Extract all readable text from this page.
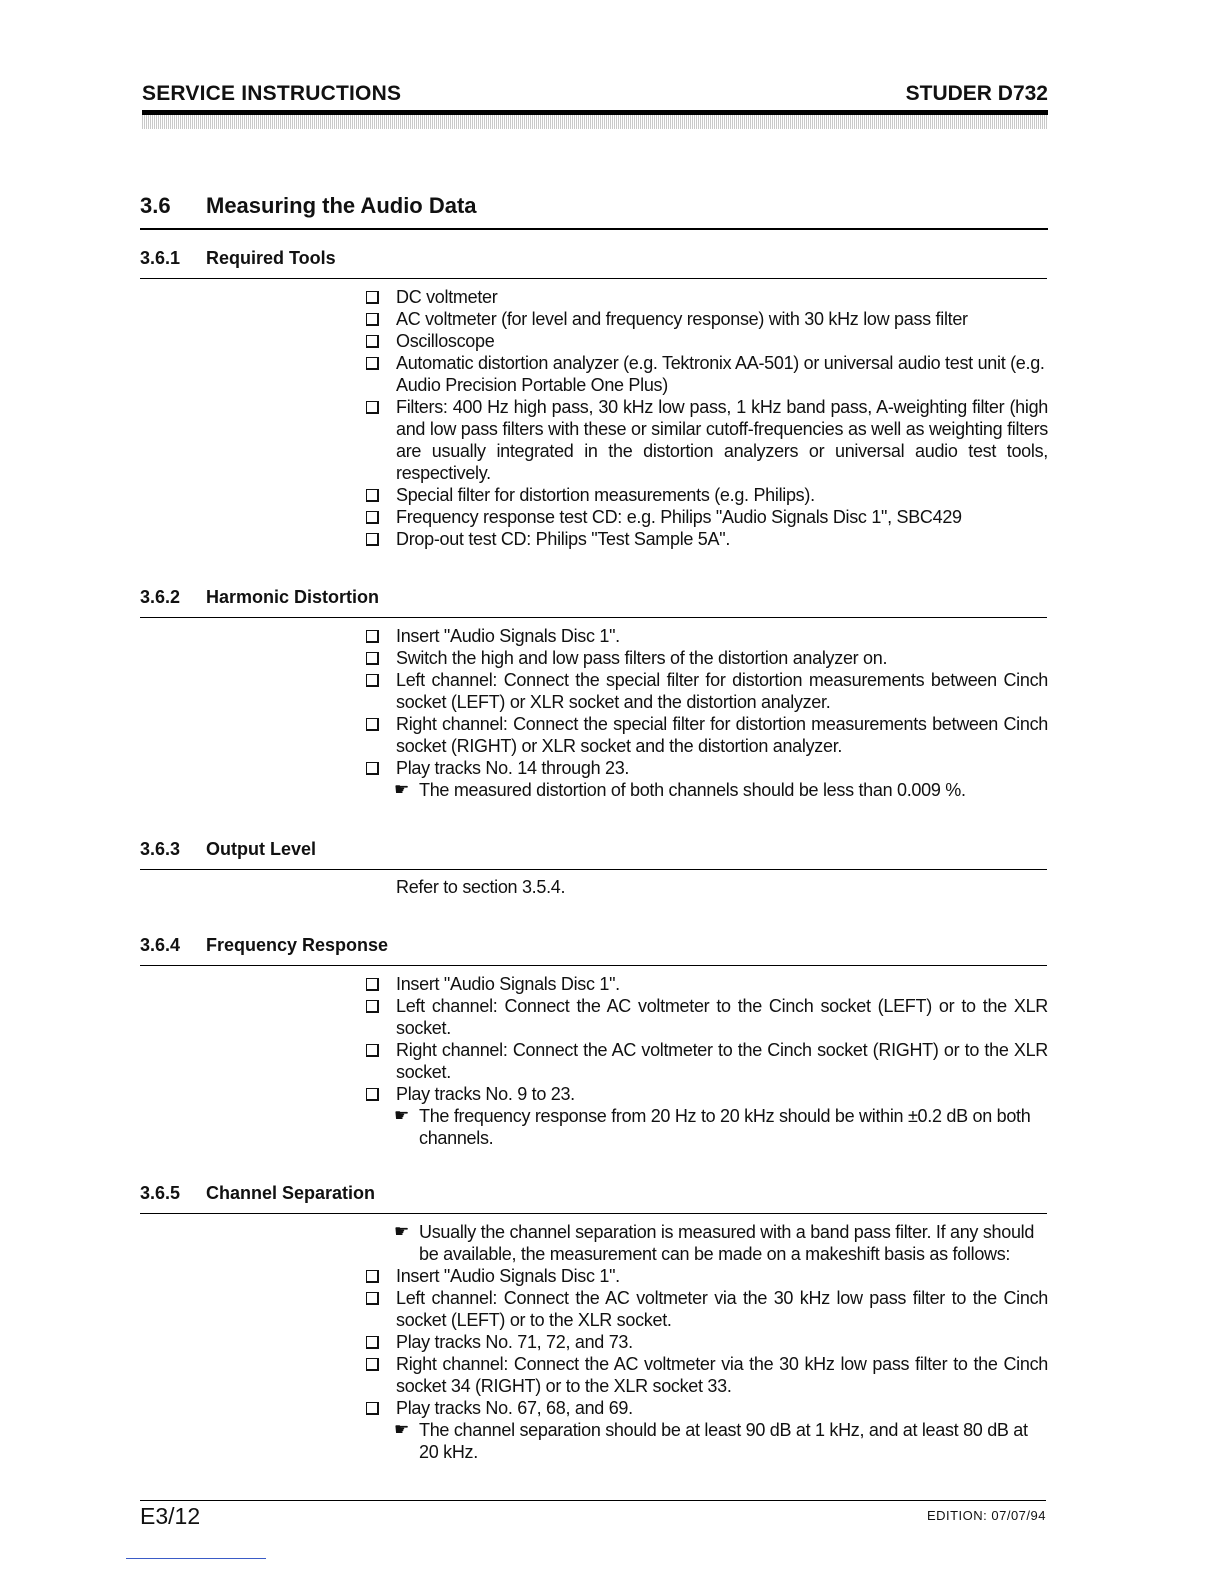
SERVICE INSTRUCTIONS	STUDER D732
3.6 Measuring the Audio Data
3.6.1 Required Tools
DC voltmeter
AC voltmeter (for level and frequency response) with 30 kHz low pass filter
Oscilloscope
Automatic distortion analyzer (e.g. Tektronix AA-501) or universal audio test unit (e.g. Audio Precision Portable One Plus)
Filters: 400 Hz high pass, 30 kHz low pass, 1 kHz band pass, A-weighting filter (high and low pass filters with these or similar cutoff-frequencies as well as weighting filters are usually integrated in the distortion analyzers or universal audio test tools, respectively.
Special filter for distortion measurements (e.g. Philips).
Frequency response test CD: e.g. Philips "Audio Signals Disc 1", SBC429
Drop-out test CD: Philips "Test Sample 5A".
3.6.2 Harmonic Distortion
Insert "Audio Signals Disc 1".
Switch the high and low pass filters of the distortion analyzer on.
Left channel: Connect the special filter for distortion measurements between Cinch socket (LEFT) or XLR socket and the distortion analyzer.
Right channel: Connect the special filter for distortion measurements between Cinch socket (RIGHT) or XLR socket and the distortion analyzer.
Play tracks No. 14 through 23.
☛ The measured distortion of both channels should be less than 0.009 %.
3.6.3 Output Level
Refer to section 3.5.4.
3.6.4 Frequency Response
Insert "Audio Signals Disc 1".
Left channel: Connect the AC voltmeter to the Cinch socket (LEFT) or to the XLR socket.
Right channel: Connect the AC voltmeter to the Cinch socket (RIGHT) or to the XLR socket.
Play tracks No. 9 to 23.
☛ The frequency response from 20 Hz to 20 kHz should be within ±0.2 dB on both channels.
3.6.5 Channel Separation
☛ Usually the channel separation is measured with a band pass filter. If any should be available, the measurement can be made on a makeshift basis as follows:
Insert "Audio Signals Disc 1".
Left channel: Connect the AC voltmeter via the 30 kHz low pass filter to the Cinch socket (LEFT) or to the XLR socket.
Play tracks No. 71, 72, and 73.
Right channel: Connect the AC voltmeter via the 30 kHz low pass filter to the Cinch socket 34 (RIGHT) or to the XLR socket 33.
Play tracks No. 67, 68, and 69.
☛ The channel separation should be at least 90 dB at 1 kHz, and at least 80 dB at 20 kHz.
E3/12	EDITION: 07/07/94
